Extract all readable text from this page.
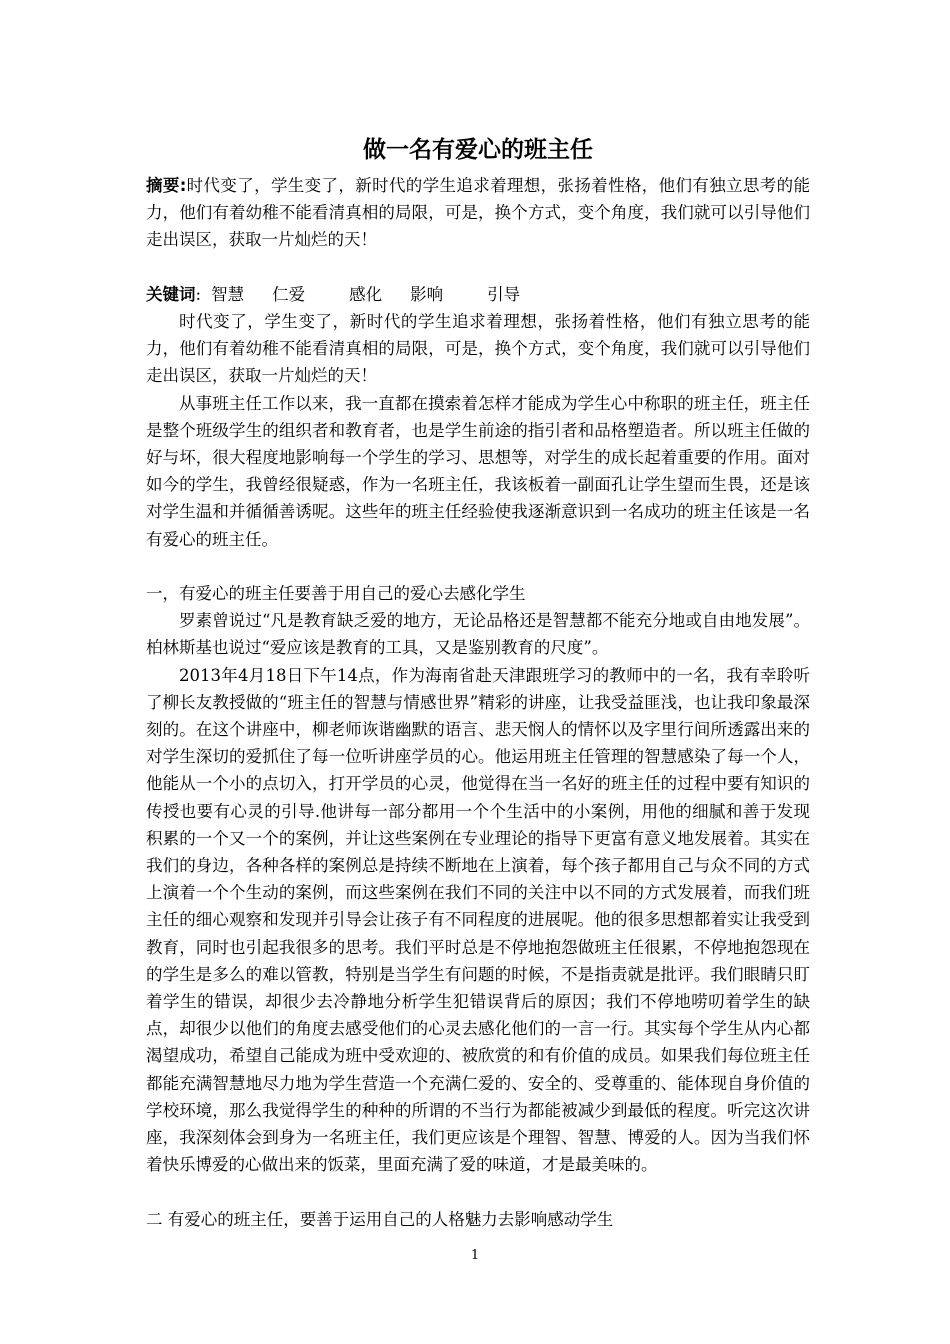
做一名有爱心的班主任

摘要:时代变了，学生变了，新时代的学生追求着理想，张扬着性格，他们有独立思考的能力，他们有着幼稚不能看清真相的局限，可是，换个方式，变个角度，我们就可以引导他们走出误区，获取一片灿烂的天！

关键词: 智慧 仁爱	感化 影响	引导

时代变了，学生变了，新时代的学生追求着理想，张扬着性格，他们有独立思考的能力，他们有着幼稚不能看清真相的局限，可是，换个方式，变个角度，我们就可以引导他们走出误区，获取一片灿烂的天！

从事班主任工作以来，我一直都在摸索着怎样才能成为学生心中称职的班主任，班主任是整个班级学生的组织者和教育者，也是学生前途的指引者和品格塑造者。所以班主任做的好与坏，很大程度地影响每一个学生的学习、思想等，对学生的成长起着重要的作用。面对如今的学生，我曾经很疑惑，作为一名班主任，我该板着一副面孔让学生望而生畏，还是该对学生温和并循循善诱呢。这些年的班主任经验使我逐渐意识到一名成功的班主任该是一名有爱心的班主任。

一，有爱心的班主任要善于用自己的爱心去感化学生

罗素曾说过“凡是教育缺乏爱的地方，无论品格还是智慧都不能充分地或自由地发展”。柏林斯基也说过“爱应该是教育的工具，又是鉴别教育的尺度”。

2013年4月18日下午14点，作为海南省赴天津跟班学习的教师中的一名，我有幸聆听了柳长友教授做的“班主任的智慧与情感世界”精彩的讲座，让我受益匪浅，也让我印象最深刻的。在这个讲座中，柳老师诙谐幽默的语言、悲天悯人的情怀以及字里行间所透露出来的对学生深切的爱抓住了每一位听讲座学员的心。他运用班主任管理的智慧感染了每一个人，他能从一个小的点切入，打开学员的心灵，他觉得在当一名好的班主任的过程中要有知识的传授也要有心灵的引导.他讲每一部分都用一个个生活中的小案例，用他的细腻和善于发现积累的一个又一个的案例，并让这些案例在专业理论的指导下更富有意义地发展着。其实在我们的身边，各种各样的案例总是持续不断地在上演着，每个孩子都用自己与众不同的方式上演着一个个生动的案例，而这些案例在我们不同的关注中以不同的方式发展着，而我们班主任的细心观察和发现并引导会让孩子有不同程度的进展呢。他的很多思想都着实让我受到教育，同时也引起我很多的思考。我们平时总是不停地抱怨做班主任很累，不停地抱怨现在的学生是多么的难以管教，特别是当学生有问题的时候，不是指责就是批评。我们眼睛只盯着学生的错误，却很少去冷静地分析学生犯错误背后的原因；我们不停地唠叨着学生的缺点，却很少以他们的角度去感受他们的心灵去感化他们的一言一行。其实每个学生从内心都渴望成功，希望自己能成为班中受欢迎的、被欣赏的和有价值的成员。如果我们每位班主任都能充满智慧地尽力地为学生营造一个充满仁爱的、安全的、受尊重的、能体现自身价值的学校环境，那么我觉得学生的种种的所谓的不当行为都能被减少到最低的程度。听完这次讲座，我深刻体会到身为一名班主任，我们更应该是个理智、智慧、博爱的人。因为当我们怀着快乐博爱的心做出来的饭菜，里面充满了爱的味道，才是最美味的。

二 有爱心的班主任，要善于运用自己的人格魅力去影响感动学生

1
